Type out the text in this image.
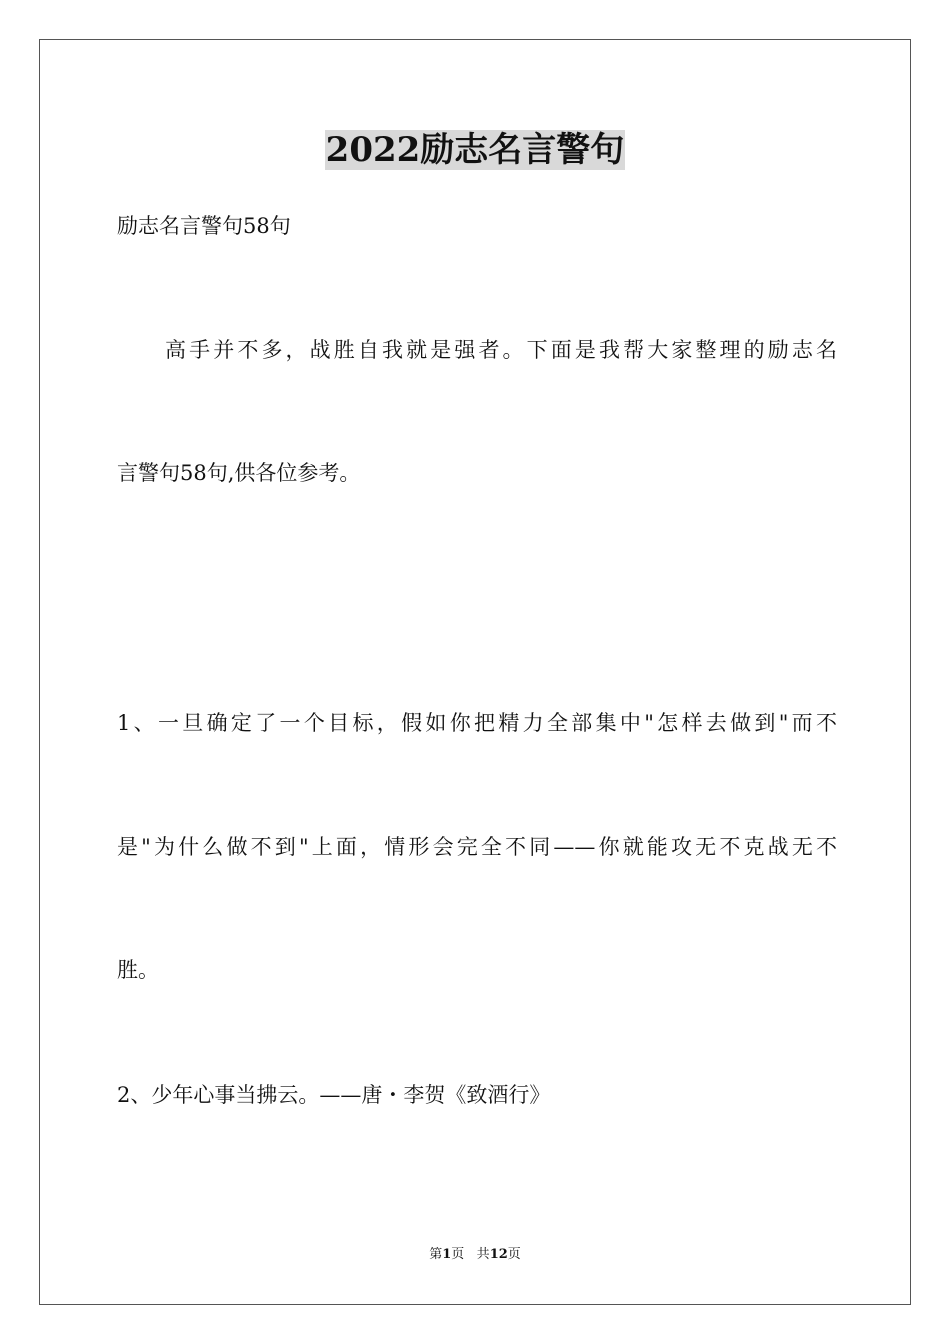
2022励志名言警句
励志名言警句58句
高手并不多，战胜自我就是强者。下面是我帮大家整理的励志名
言警句58句,供各位参考。
1、一旦确定了一个目标，假如你把精力全部集中"怎样去做到"而不
是"为什么做不到"上面，情形会完全不同——你就能攻无不克战无不
胜。
2、少年心事当拂云。——唐・李贺《致酒行》
第1页 共12页
